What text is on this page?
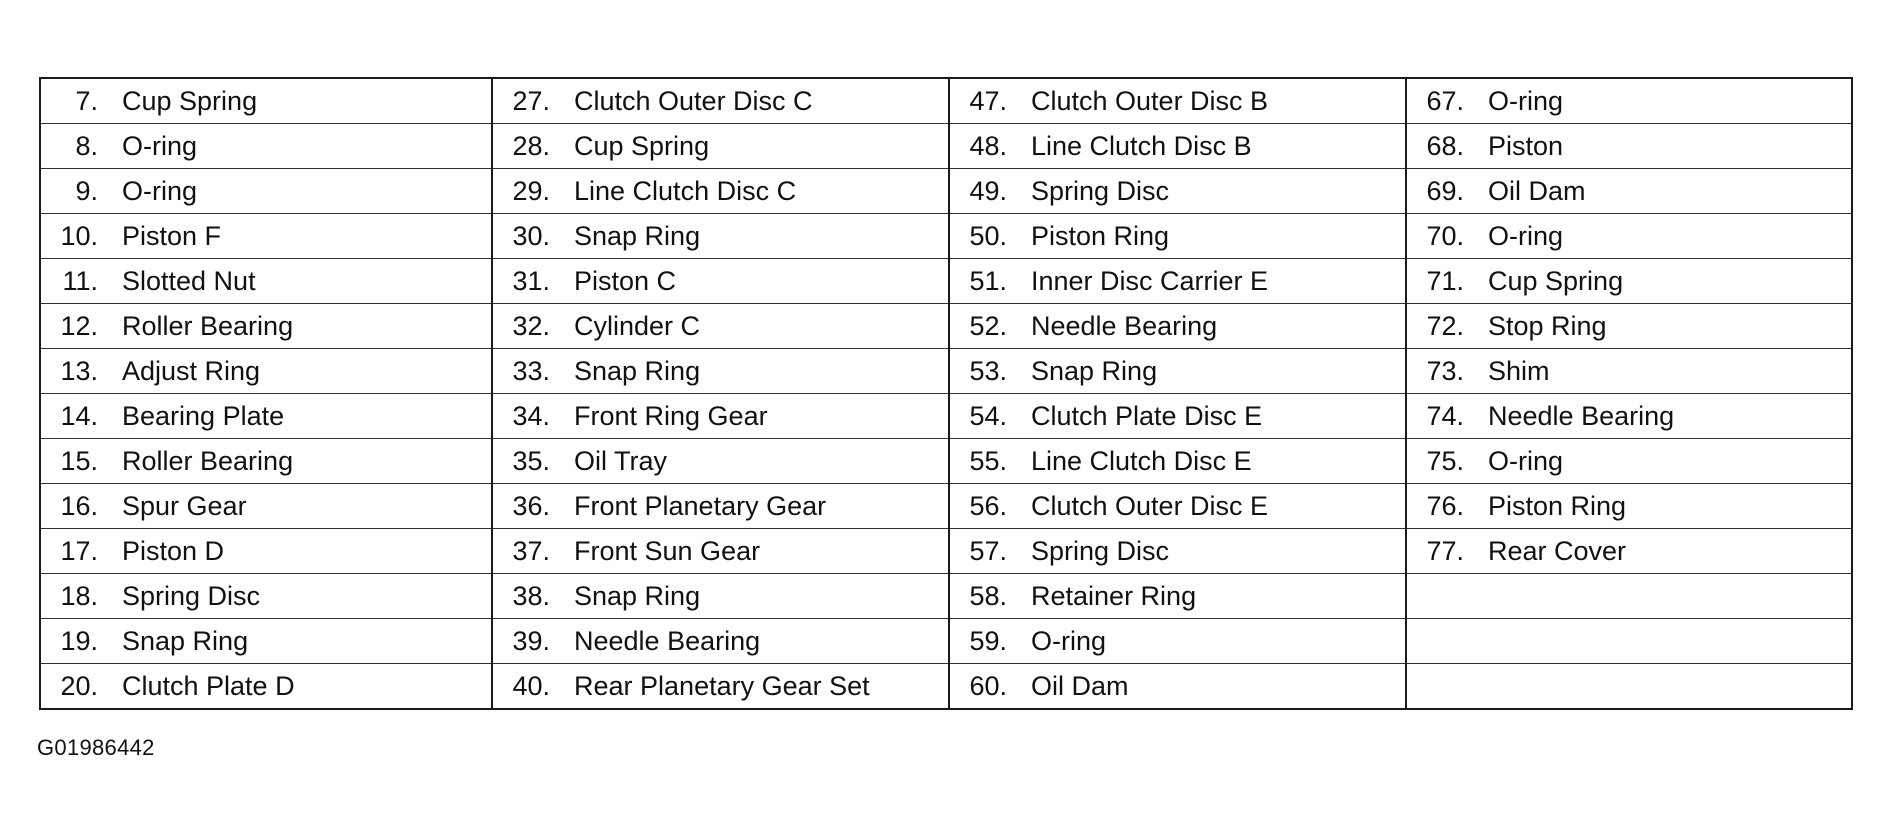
7. Cup Spring	27. Clutch Outer Disc C	47. Clutch Outer Disc B	67. O-ring

8. O-ring	28. Cup Spring	48. Line Clutch Disc B	68. Piston

9. O-ring	29. Line Clutch Disc C	49. Spring Disc	69. Oil Dam

10. Piston F	30. Snap Ring	50. Piston Ring	70. O-ring

11. Slotted Nut	31. Piston C	51. Inner Disc Carrier E	71. Cup Spring

12. Roller Bearing	32. Cylinder C	52. Needle Bearing	72. Stop Ring

13. Adjust Ring	33. Snap Ring	53. Snap Ring	73. Shim

14. Bearing Plate	34. Front Ring Gear	54. Clutch Plate Disc E	74. Needle Bearing

15. Roller Bearing	35. Oil Tray	55. Line Clutch Disc E	75. O-ring

16. Spur Gear	36. Front Planetary Gear	56. Clutch Outer Disc E	76. Piston Ring

17. Piston D	37. Front Sun Gear	57. Spring Disc	77. Rear Cover

18. Spring Disc	38. Snap Ring	58. Retainer Ring	

19. Snap Ring	39. Needle Bearing	59. O-ring	

20. Clutch Plate D	40. Rear Planetary Gear Set	60. Oil Dam	

G01986442
